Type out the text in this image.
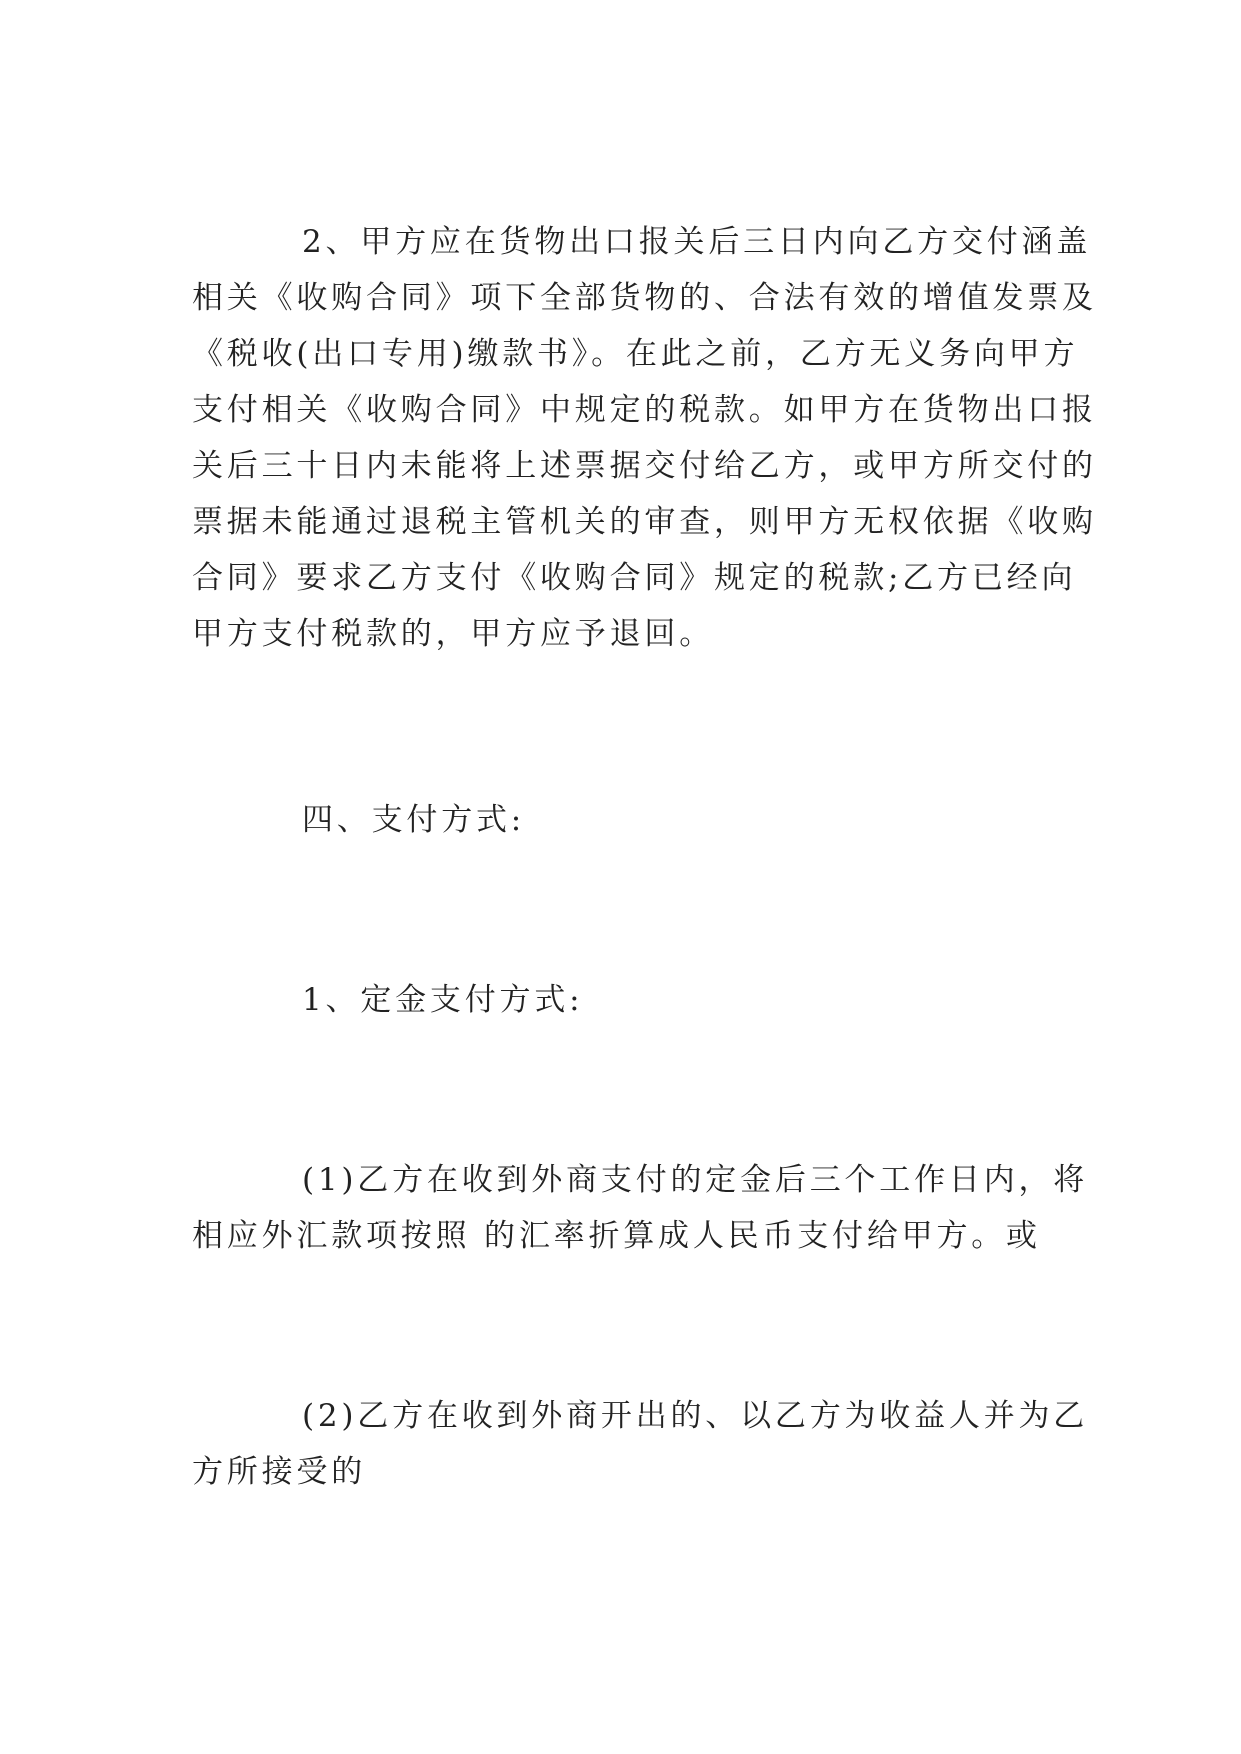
2、甲方应在货物出口报关后三日内向乙方交付涵盖
相关《收购合同》项下全部货物的、合法有效的增值发票及
《税收(出口专用)缴款书》。在此之前，乙方无义务向甲方
支付相关《收购合同》中规定的税款。如甲方在货物出口报
关后三十日内未能将上述票据交付给乙方，或甲方所交付的
票据未能通过退税主管机关的审查，则甲方无权依据《收购
合同》要求乙方支付《收购合同》规定的税款;乙方已经向
甲方支付税款的，甲方应予退回。
四、支付方式:
1、定金支付方式:
(1)乙方在收到外商支付的定金后三个工作日内，将
相应外汇款项按照 的汇率折算成人民币支付给甲方。或
(2)乙方在收到外商开出的、以乙方为收益人并为乙
方所接受的
